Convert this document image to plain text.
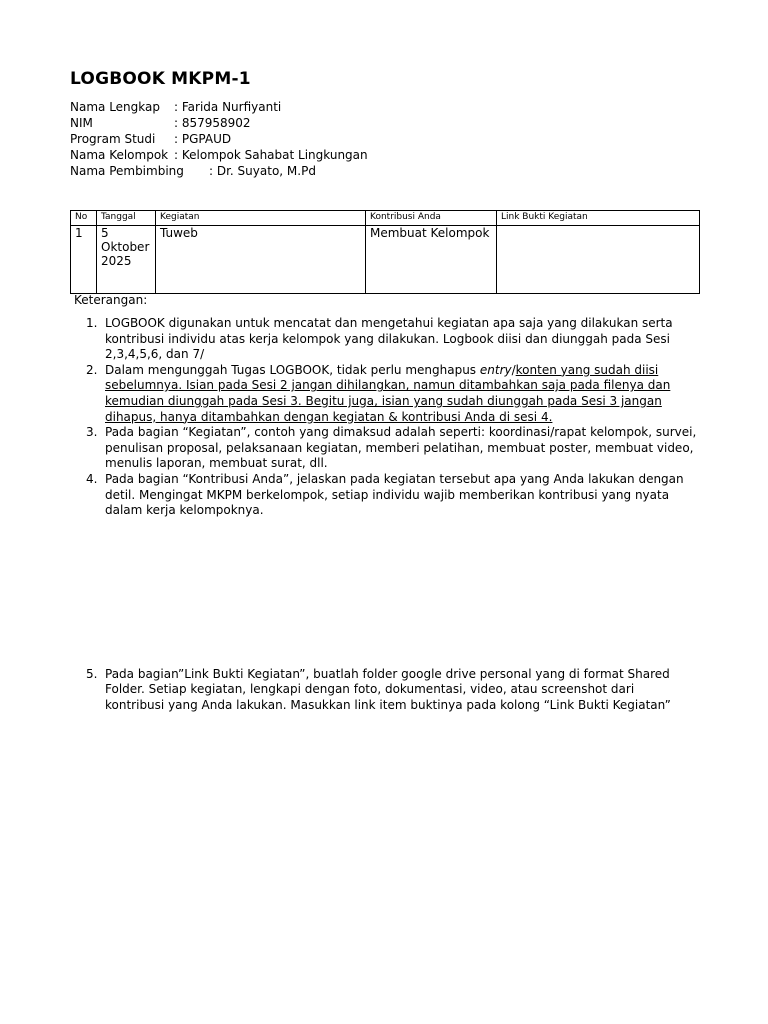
LOGBOOK MKPM-1
Nama Lengkap : Farida Nurfiyanti
NIM	: 857958902
Program Studi : PGPAUD
Nama Kelompok : Kelompok Sahabat Lingkungan
Nama Pembimbing : Dr. Suyato, M.Pd
No	Tanggal	Kegiatan	Kontribusi Anda	Link Bukti Kegiatan
1	5 Oktober 2025	Tuweb	Membuat Kelompok	
Keterangan:
1. LOGBOOK digunakan untuk mencatat dan mengetahui kegiatan apa saja yang dilakukan serta kontribusi individu atas kerja kelompok yang dilakukan. Logbook diisi dan diunggah pada Sesi 2,3,4,5,6, dan 7/
2. Dalam mengunggah Tugas LOGBOOK, tidak perlu menghapus entry/konten yang sudah diisi sebelumnya. Isian pada Sesi 2 jangan dihilangkan, namun ditambahkan saja pada filenya dan kemudian diunggah pada Sesi 3. Begitu juga, isian yang sudah diunggah pada Sesi 3 jangan dihapus, hanya ditambahkan dengan kegiatan & kontribusi Anda di sesi 4.
3. Pada bagian “Kegiatan”, contoh yang dimaksud adalah seperti: koordinasi/rapat kelompok, survei, penulisan proposal, pelaksanaan kegiatan, memberi pelatihan, membuat poster, membuat video, menulis laporan, membuat surat, dll.
4. Pada bagian “Kontribusi Anda”, jelaskan pada kegiatan tersebut apa yang Anda lakukan dengan detil. Mengingat MKPM berkelompok, setiap individu wajib memberikan kontribusi yang nyata dalam kerja kelompoknya.
5. Pada bagian”Link Bukti Kegiatan”, buatlah folder google drive personal yang di format Shared Folder. Setiap kegiatan, lengkapi dengan foto, dokumentasi, video, atau screenshot dari kontribusi yang Anda lakukan. Masukkan link item buktinya pada kolong “Link Bukti Kegiatan”
